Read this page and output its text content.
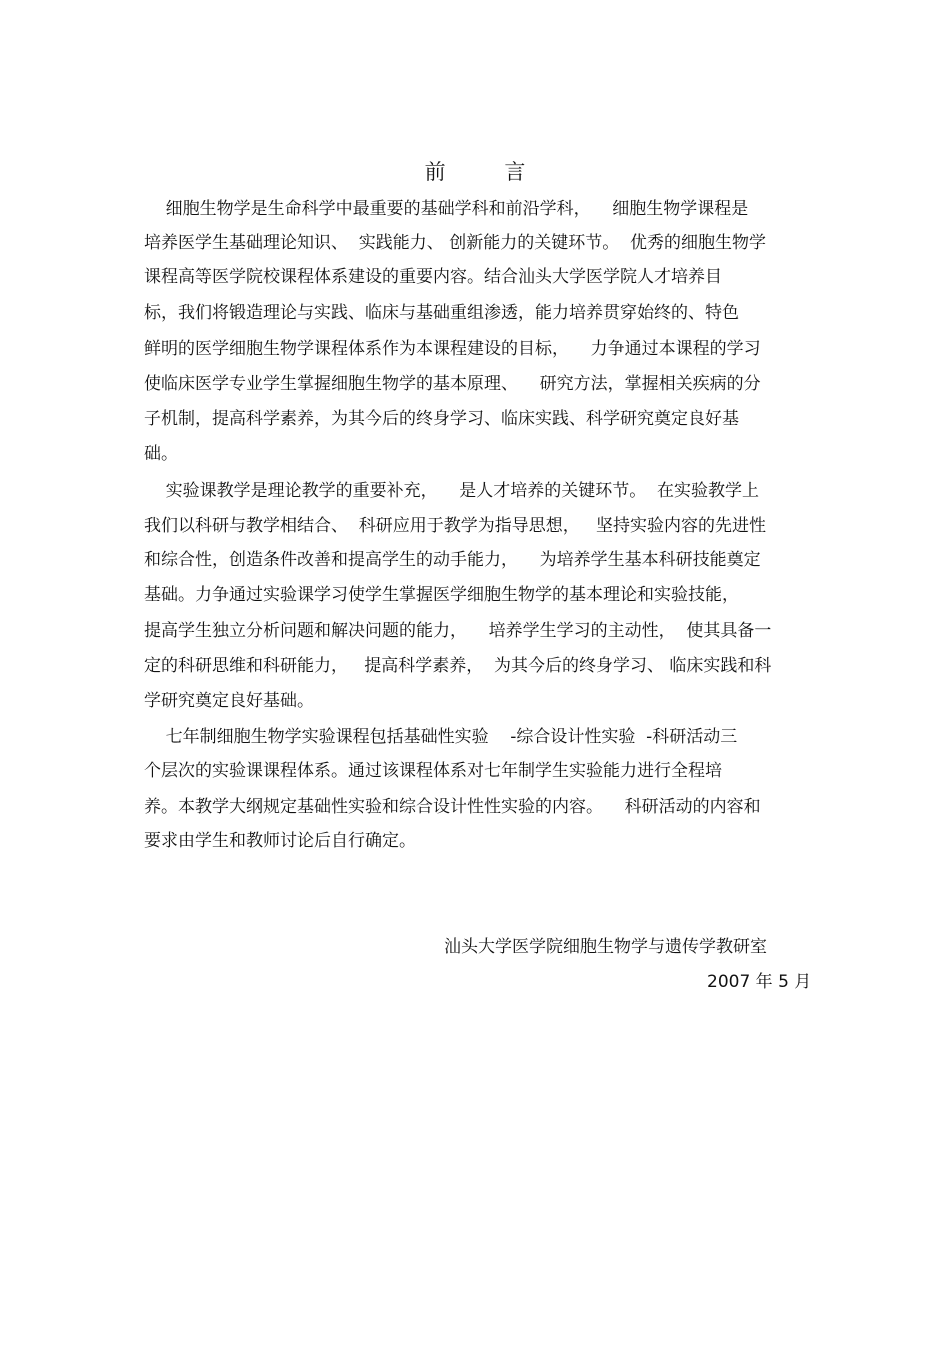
前 言
细胞生物学是生命科学中最重要的基础学科和前沿学科，    细胞生物学课程是
培养医学生基础理论知识、  实践能力、 创新能力的关键环节。  优秀的细胞生物学
课程高等医学院校课程体系建设的重要内容。结合汕头大学医学院人才培养目
标，我们将锻造理论与实践、临床与基础重组渗透，能力培养贯穿始终的、特色
鲜明的医学细胞生物学课程体系作为本课程建设的目标，    力争通过本课程的学习
使临床医学专业学生掌握细胞生物学的基本原理、    研究方法，掌握相关疾病的分
子机制，提高科学素养，为其今后的终身学习、临床实践、科学研究奠定良好基
础。
实验课教学是理论教学的重要补充，    是人才培养的关键环节。  在实验教学上
我们以科研与教学相结合、  科研应用于教学为指导思想，   坚持实验内容的先进性
和综合性，创造条件改善和提高学生的动手能力，    为培养学生基本科研技能奠定
基础。力争通过实验课学习使学生掌握医学细胞生物学的基本理论和实验技能，
提高学生独立分析问题和解决问题的能力，    培养学生学习的主动性，  使其具备一
定的科研思维和科研能力，   提高科学素养，  为其今后的终身学习、 临床实践和科
学研究奠定良好基础。
七年制细胞生物学实验课程包括基础性实验    -综合设计性实验  -科研活动三
个层次的实验课课程体系。通过该课程体系对七年制学生实验能力进行全程培
养。本教学大纲规定基础性实验和综合设计性性实验的内容。    科研活动的内容和
要求由学生和教师讨论后自行确定。
汕头大学医学院细胞生物学与遗传学教研室
2007 年 5 月
